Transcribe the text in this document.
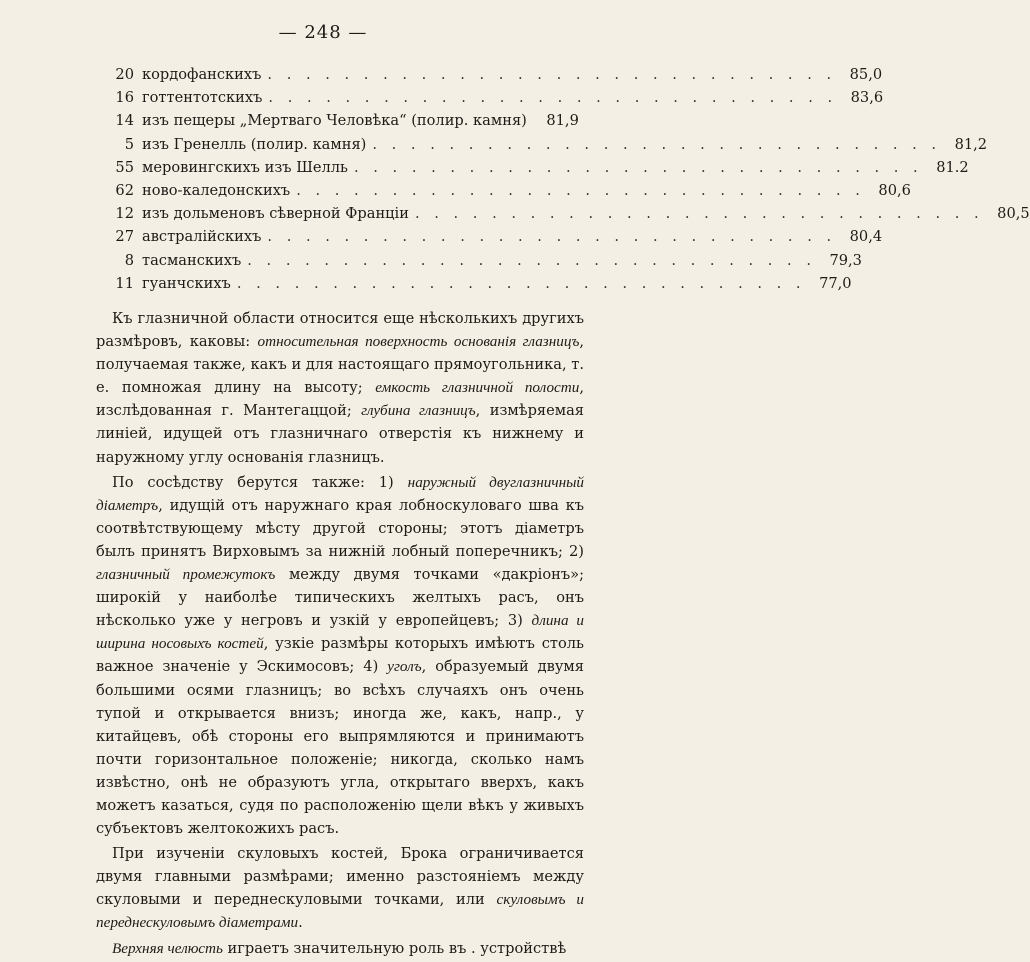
— 248 —
20 кордофанскихъ . . . . . . . . . . . . . . . . . . . . . . . . . . . . . . 85,0
16 готтентотскихъ . . . . . . . . . . . . . . . . . . . . . . . . . . . . . . 83,6
14 изъ пещеры „Мертваго Человѣка“ (полир. камня)	81,9
5 изъ Гренелль (полир. камня) . . . . . . . . . . . . . . . . . . . . . . . . . . . . . . 81,2
55 меровингскихъ изъ Шелль . . . . . . . . . . . . . . . . . . . . . . . . . . . . . . 81.2
62 ново-каледонскихъ . . . . . . . . . . . . . . . . . . . . . . . . . . . . . . 80,6
12 изъ дольменовъ сѣверной Франціи . . . . . . . . . . . . . . . . . . . . . . . . . . . . . . 80,5
27 австралійскихъ . . . . . . . . . . . . . . . . . . . . . . . . . . . . . . 80,4
8 тасманскихъ . . . . . . . . . . . . . . . . . . . . . . . . . . . . . . 79,3
11 гуанчскихъ . . . . . . . . . . . . . . . . . . . . . . . . . . . . . . 77,0

Къ глазничной области относится еще нѣсколькихъ другихъ размѣровъ, каковы: относительная поверхность основанія глазницъ, получаемая также, какъ и для настоящаго прямоугольника, т. е. помножая длину на высоту; емкость глазничной полости, изслѣдованная г. Мантегаццой; глубина глазницъ, измѣряемая линіей, идущей отъ глазничнаго отверстія къ нижнему и наружному углу основанія глазницъ.

По сосѣдству берутся также: 1) наружный двуглазничный діаметръ, идущій отъ наружнаго края лобноскуловаго шва къ соотвѣтствующему мѣсту другой стороны; этотъ діаметръ былъ принятъ Вирховымъ за нижній лобный поперечникъ; 2) глазничный промежутокъ между двумя точками «дакріонъ»; широкій у наиболѣе типическихъ желтыхъ расъ, онъ нѣсколько уже у негровъ и узкій у европейцевъ; 3) длина и ширина носовыхъ костей, узкіе размѣры которыхъ имѣютъ столь важное значеніе у Эскимосовъ; 4) уголъ, образуемый двумя большими осями глазницъ; во всѣхъ случаяхъ онъ очень тупой и открывается внизъ; иногда же, какъ, напр., у китайцевъ, обѣ стороны его выпрямляются и принимаютъ почти горизонтальное положеніе; никогда, сколько намъ извѣстно, онѣ не образуютъ угла, открытаго вверхъ, какъ можетъ казаться, судя по расположенію щели вѣкъ у живыхъ субъектовъ желтокожихъ расъ.

При изученіи скуловыхъ костей, Брока ограничивается двумя главными размѣрами; именно разстояніемъ между скуловыми и переднескуловыми точками, или скуловымъ и переднескуловымъ діаметрами.

Верхняя челюсть играетъ значительную роль въ . устройствѣ
